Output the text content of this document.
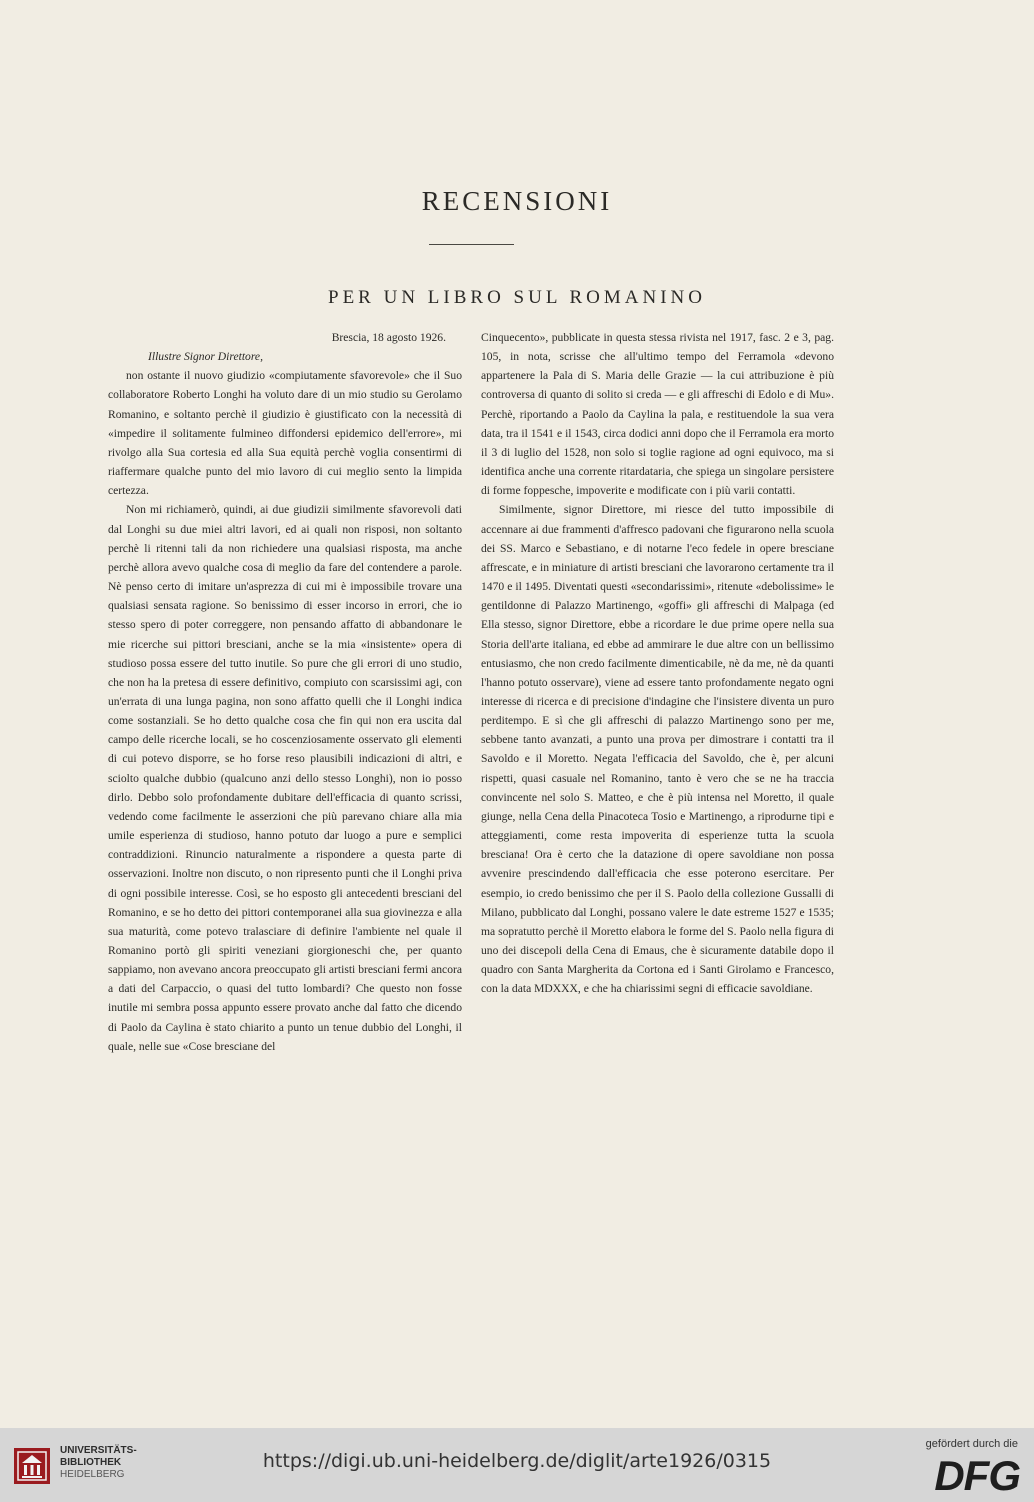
RECENSIONI
PER UN LIBRO SUL ROMANINO

Brescia, 18 agosto 1926.

Illustre Signor Direttore,

non ostante il nuovo giudizio «compiutamente sfavorevole» che il Suo collaboratore Roberto Longhi ha voluto dare di un mio studio su Gerolamo Romanino, e soltanto perchè il giudizio è giustificato con la necessità di «impedire il solitamente fulmineo diffondersi epidemico dell'errore», mi rivolgo alla Sua cortesia ed alla Sua equità perchè voglia consentirmi di riaffermare qualche punto del mio lavoro di cui meglio sento la limpida certezza.

Non mi richiamerò, quindi, ai due giudizii similmente sfavorevoli dati dal Longhi su due miei altri lavori, ed ai quali non risposi, non soltanto perchè li ritenni tali da non richiedere una qualsiasi risposta, ma anche perchè allora avevo qualche cosa di meglio da fare del contendere a parole. Nè penso certo di imitare un'asprezza di cui mi è impossibile trovare una qualsiasi sensata ragione. So benissimo di esser incorso in errori, che io stesso spero di poter correggere, non pensando affatto di abbandonare le mie ricerche sui pittori bresciani, anche se la mia «insistente» opera di studioso possa essere del tutto inutile. So pure che gli errori di uno studio, che non ha la pretesa di essere definitivo, compiuto con scarsissimi agi, con un'errata di una lunga pagina, non sono affatto quelli che il Longhi indica come sostanziali. Se ho detto qualche cosa che fin qui non era uscita dal campo delle ricerche locali, se ho coscenziosamente osservato gli elementi di cui potevo disporre, se ho forse reso plausibili indicazioni di altri, e sciolto qualche dubbio (qualcuno anzi dello stesso Longhi), non io posso dirlo. Debbo solo profondamente dubitare dell'efficacia di quanto scrissi, vedendo come facilmente le asserzioni che più parevano chiare alla mia umile esperienza di studioso, hanno potuto dar luogo a pure e semplici contraddizioni. Rinuncio naturalmente a rispondere a questa parte di osservazioni. Inoltre non discuto, o non ripresento punti che il Longhi priva di ogni possibile interesse. Così, se ho esposto gli antecedenti bresciani del Romanino, e se ho detto dei pittori contemporanei alla sua giovinezza e alla sua maturità, come potevo tralasciare di definire l'ambiente nel quale il Romanino portò gli spiriti veneziani giorgioneschi che, per quanto sappiamo, non avevano ancora preoccupato gli artisti bresciani fermi ancora a dati del Carpaccio, o quasi del tutto lombardi? Che questo non fosse inutile mi sembra possa appunto essere provato anche dal fatto che dicendo di Paolo da Caylina è stato chiarito a punto un tenue dubbio del Longhi, il quale, nelle sue «Cose bresciane del

Cinquecento», pubblicate in questa stessa rivista nel 1917, fasc. 2 e 3, pag. 105, in nota, scrisse che all'ultimo tempo del Ferramola «devono appartenere la Pala di S. Maria delle Grazie — la cui attribuzione è più controversa di quanto di solito si creda — e gli affreschi di Edolo e di Mu». Perchè, riportando a Paolo da Caylina la pala, e restituendole la sua vera data, tra il 1541 e il 1543, circa dodici anni dopo che il Ferramola era morto il 3 di luglio del 1528, non solo si toglie ragione ad ogni equivoco, ma si identifica anche una corrente ritardataria, che spiega un singolare persistere di forme foppesche, impoverite e modificate con i più varii contatti.

Similmente, signor Direttore, mi riesce del tutto impossibile di accennare ai due frammenti d'affresco padovani che figurarono nella scuola dei SS. Marco e Sebastiano, e di notarne l'eco fedele in opere bresciane affrescate, e in miniature di artisti bresciani che lavorarono certamente tra il 1470 e il 1495. Diventati questi «secondarissimi», ritenute «debolissime» le gentildonne di Palazzo Martinengo, «goffi» gli affreschi di Malpaga (ed Ella stesso, signor Direttore, ebbe a ricordare le due prime opere nella sua Storia dell'arte italiana, ed ebbe ad ammirare le due altre con un bellissimo entusiasmo, che non credo facilmente dimenticabile, nè da me, nè da quanti l'hanno potuto osservare), viene ad essere tanto profondamente negato ogni interesse di ricerca e di precisione d'indagine che l'insistere diventa un puro perditempo. E sì che gli affreschi di palazzo Martinengo sono per me, sebbene tanto avanzati, a punto una prova per dimostrare i contatti tra il Savoldo e il Moretto. Negata l'efficacia del Savoldo, che è, per alcuni rispetti, quasi casuale nel Romanino, tanto è vero che se ne ha traccia convincente nel solo S. Matteo, e che è più intensa nel Moretto, il quale giunge, nella Cena della Pinacoteca Tosio e Martinengo, a riprodurne tipi e atteggiamenti, come resta impoverita di esperienze tutta la scuola bresciana! Ora è certo che la datazione di opere savoldiane non possa avvenire prescindendo dall'efficacia che esse poterono esercitare. Per esempio, io credo benissimo che per il S. Paolo della collezione Gussalli di Milano, pubblicato dal Longhi, possano valere le date estreme 1527 e 1535; ma sopratutto perchè il Moretto elabora le forme del S. Paolo nella figura di uno dei discepoli della Cena di Emaus, che è sicuramente databile dopo il quadro con Santa Margherita da Cortona ed i Santi Girolamo e Francesco, con la data MDXXX, e che ha chiarissimi segni di efficacie savoldiane.

UNIVERSITÄTS-
BIBLIOTHEK
HEIDELBERG
https://digi.ub.uni-heidelberg.de/diglit/arte1926/0315
gefördert durch die
DFG
